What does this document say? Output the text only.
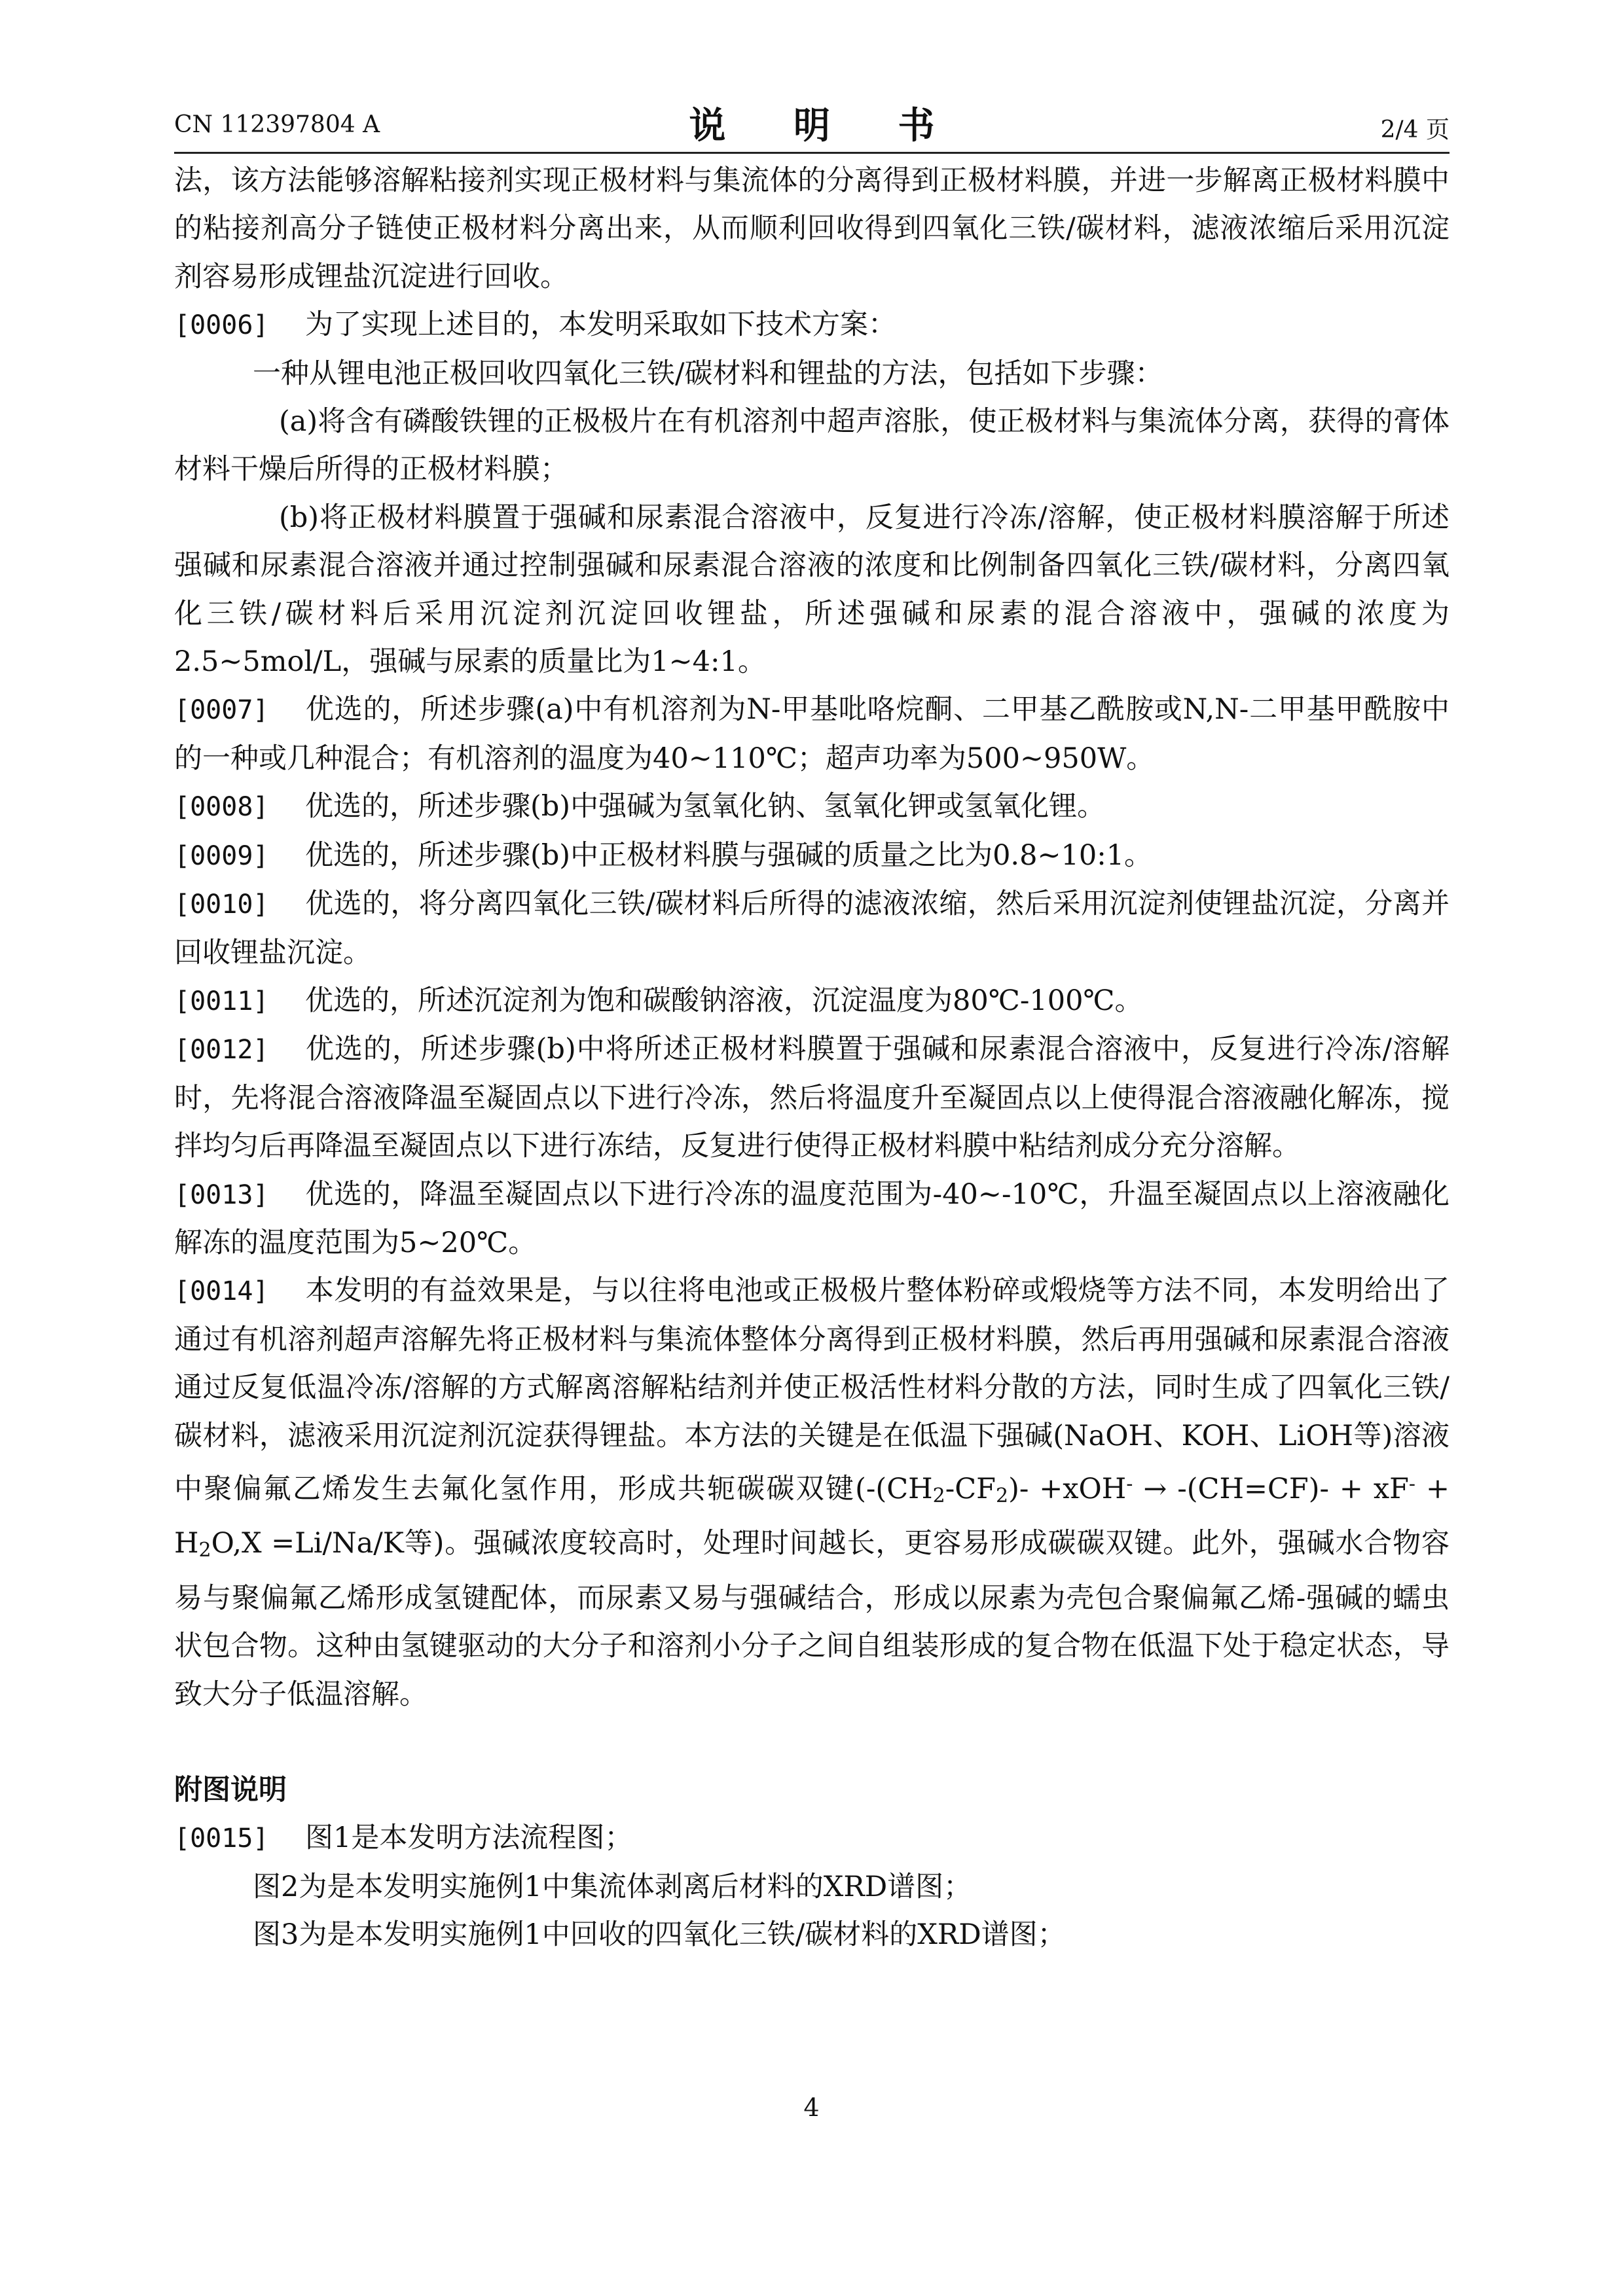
CN 112397804 A	说 明 书	2/4 页
法，该方法能够溶解粘接剂实现正极材料与集流体的分离得到正极材料膜，并进一步解离正极材料膜中的粘接剂高分子链使正极材料分离出来，从而顺利回收得到四氧化三铁/碳材料，滤液浓缩后采用沉淀剂容易形成锂盐沉淀进行回收。
[0006] 为了实现上述目的，本发明采取如下技术方案：
一种从锂电池正极回收四氧化三铁/碳材料和锂盐的方法，包括如下步骤：
(a)将含有磷酸铁锂的正极极片在有机溶剂中超声溶胀，使正极材料与集流体分离，获得的膏体材料干燥后所得的正极材料膜；
(b)将正极材料膜置于强碱和尿素混合溶液中，反复进行冷冻/溶解，使正极材料膜溶解于所述强碱和尿素混合溶液并通过控制强碱和尿素混合溶液的浓度和比例制备四氧化三铁/碳材料，分离四氧化三铁/碳材料后采用沉淀剂沉淀回收锂盐，所述强碱和尿素的混合溶液中，强碱的浓度为2.5~5mol/L，强碱与尿素的质量比为1~4:1。
[0007] 优选的，所述步骤(a)中有机溶剂为N-甲基吡咯烷酮、二甲基乙酰胺或N,N-二甲基甲酰胺中的一种或几种混合；有机溶剂的温度为40~110℃；超声功率为500~950W。
[0008] 优选的，所述步骤(b)中强碱为氢氧化钠、氢氧化钾或氢氧化锂。
[0009] 优选的，所述步骤(b)中正极材料膜与强碱的质量之比为0.8~10:1。
[0010] 优选的，将分离四氧化三铁/碳材料后所得的滤液浓缩，然后采用沉淀剂使锂盐沉淀，分离并回收锂盐沉淀。
[0011] 优选的，所述沉淀剂为饱和碳酸钠溶液，沉淀温度为80℃-100℃。
[0012] 优选的，所述步骤(b)中将所述正极材料膜置于强碱和尿素混合溶液中，反复进行冷冻/溶解时，先将混合溶液降温至凝固点以下进行冷冻，然后将温度升至凝固点以上使得混合溶液融化解冻，搅拌均匀后再降温至凝固点以下进行冻结，反复进行使得正极材料膜中粘结剂成分充分溶解。
[0013] 优选的，降温至凝固点以下进行冷冻的温度范围为-40~-10℃，升温至凝固点以上溶液融化解冻的温度范围为5~20℃。
[0014] 本发明的有益效果是，与以往将电池或正极极片整体粉碎或煅烧等方法不同，本发明给出了通过有机溶剂超声溶解先将正极材料与集流体整体分离得到正极材料膜，然后再用强碱和尿素混合溶液通过反复低温冷冻/溶解的方式解离溶解粘结剂并使正极活性材料分散的方法，同时生成了四氧化三铁/碳材料，滤液采用沉淀剂沉淀获得锂盐。本方法的关键是在低温下强碱(NaOH、KOH、LiOH等)溶液中聚偏氟乙烯发生去氟化氢作用，形成共轭碳碳双键($-(CH_2-CF_2)- +xOH^- \to -(CH=CF)- + xF^- + H_2O,X =Li/Na/K$等)。强碱浓度较高时，处理时间越长，更容易形成碳碳双键。此外，强碱水合物容易与聚偏氟乙烯形成氢键配体，而尿素又易与强碱结合，形成以尿素为壳包合聚偏氟乙烯-强碱的蠕虫状包合物。这种由氢键驱动的大分子和溶剂小分子之间自组装形成的复合物在低温下处于稳定状态，导致大分子低温溶解。
附图说明
[0015] 图1是本发明方法流程图；
图2为是本发明实施例1中集流体剥离后材料的XRD谱图；
图3为是本发明实施例1中回收的四氧化三铁/碳材料的XRD谱图；
4
